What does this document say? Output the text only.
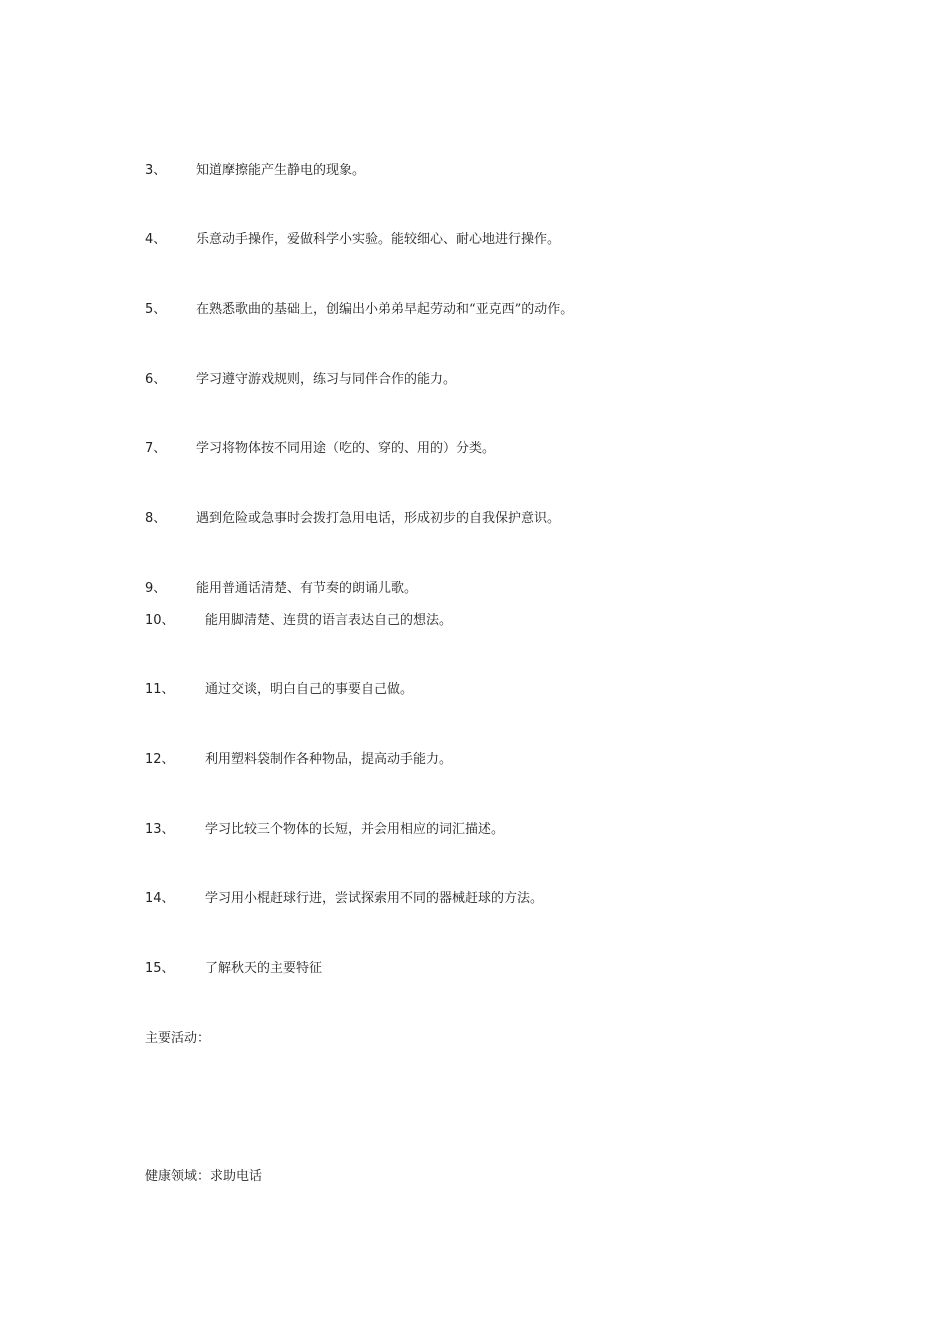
3、 知道摩擦能产生静电的现象。
4、 乐意动手操作，爱做科学小实验。能较细心、耐心地进行操作。
5、 在熟悉歌曲的基础上，创编出小弟弟早起劳动和“亚克西”的动作。
6、 学习遵守游戏规则，练习与同伴合作的能力。
7、 学习将物体按不同用途（吃的、穿的、用的）分类。
8、 遇到危险或急事时会拨打急用电话，形成初步的自我保护意识。
9、 能用普通话清楚、有节奏的朗诵儿歌。
10、 能用脚清楚、连贯的语言表达自己的想法。
11、 通过交谈，明白自己的事要自己做。
12、 利用塑料袋制作各种物品，提高动手能力。
13、 学习比较三个物体的长短，并会用相应的词汇描述。
14、 学习用小棍赶球行进，尝试探索用不同的器械赶球的方法。
15、 了解秋天的主要特征
主要活动：
健康领域：求助电话
